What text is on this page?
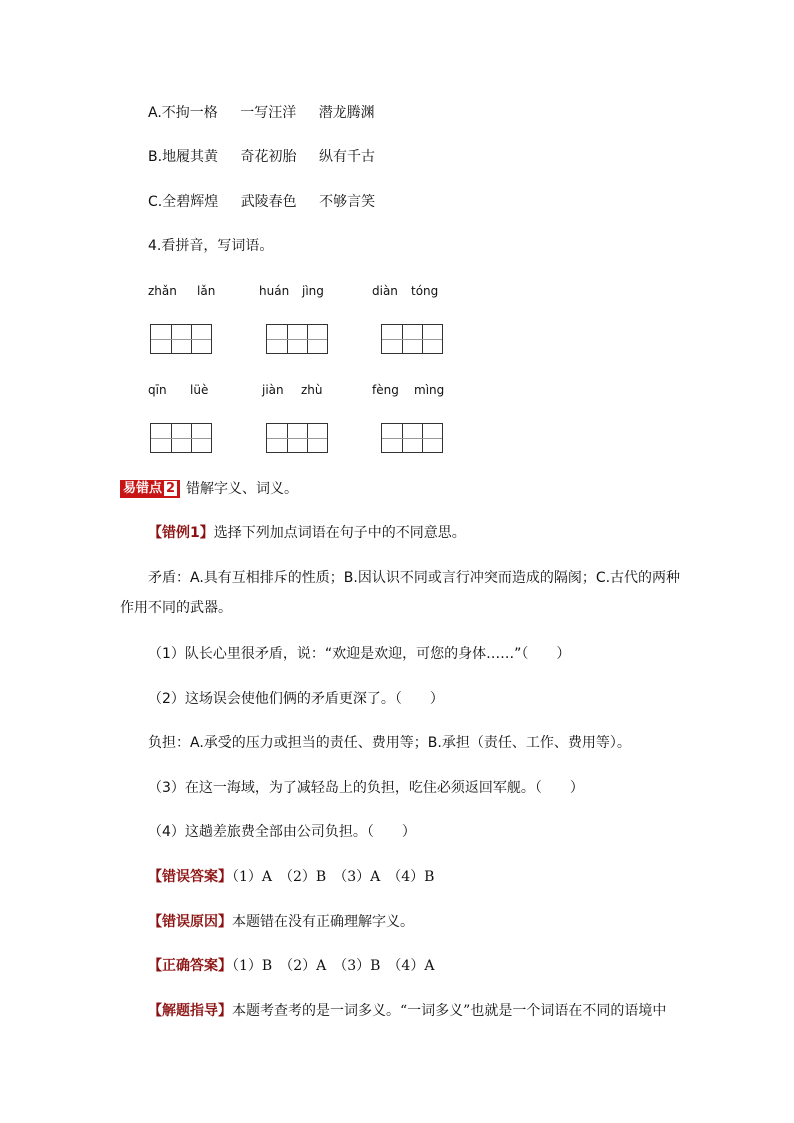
A.不拘一格 一写汪洋 潜龙腾渊
B.地履其黄 奇花初胎 纵有千古
C.全碧辉煌 武陵春色 不够言笑
4.看拼音，写词语。
zhǎn lǎn	huán jìng	diàn tóng
qīn lüè	jiàn zhù	fèng mìng
易错点 2 错解字义、词义。
【错例1】选择下列加点词语在句子中的不同意思。
矛盾：A.具有互相排斥的性质；B.因认识不同或言行冲突而造成的隔阂；C.古代的两种
作用不同的武器。
（1）队长心里很矛盾，说：“欢迎是欢迎，可您的身体……”（　　）
（2）这场误会使他们俩的矛盾更深了。（　　）
负担：A.承受的压力或担当的责任、费用等；B.承担（责任、工作、费用等）。
（3）在这一海域，为了减轻岛上的负担，吃住必须返回军舰。（　　）
（4）这趟差旅费全部由公司负担。（　　）
【错误答案】（1）A　（2）B　（3）A　（4）B
【错误原因】本题错在没有正确理解字义。
【正确答案】（1）B　（2）A　（3）B　（4）A
【解题指导】本题考查考的是一词多义。“一词多义”也就是一个词语在不同的语境中
